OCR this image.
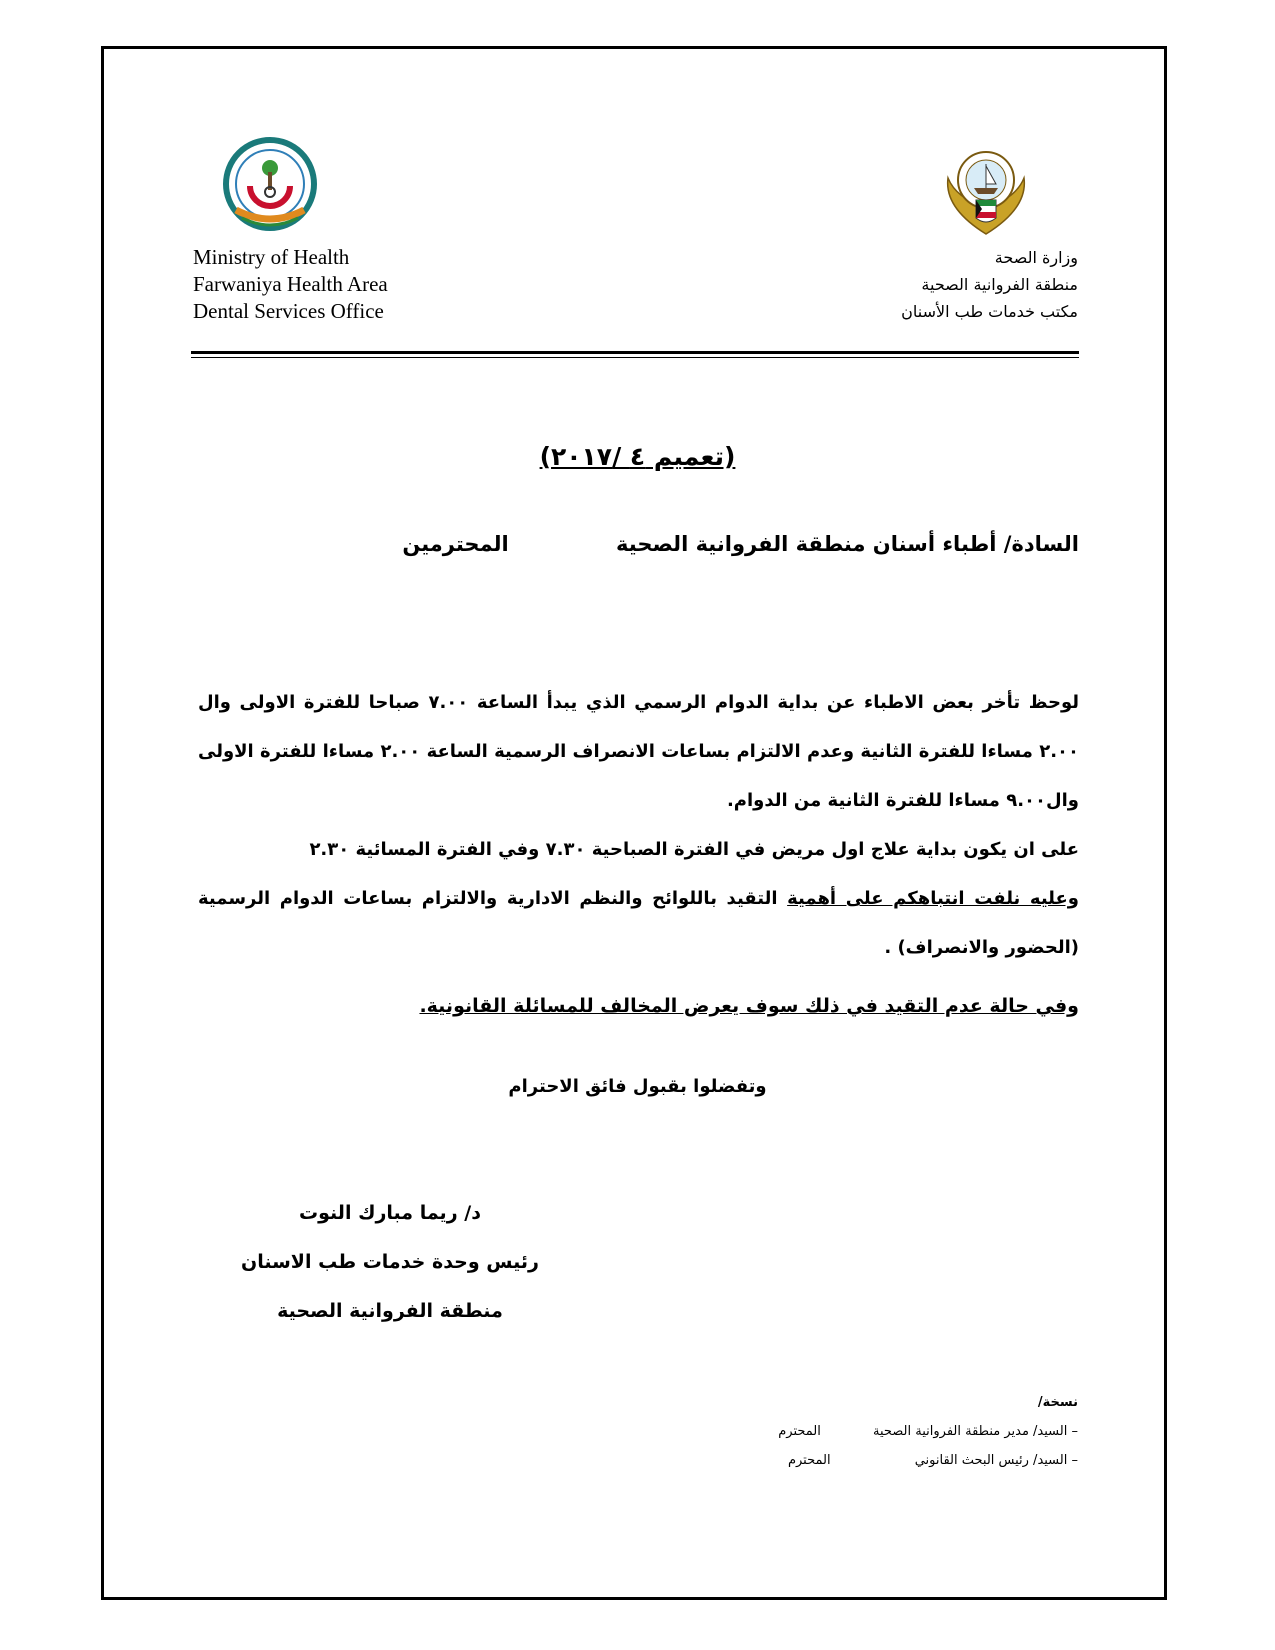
Ministry of Health
Farwaniya Health Area
Dental Services Office
وزارة الصحة
منطقة الفروانية الصحية
مكتب خدمات طب الأسنان
(تعميم ٤ /٢٠١٧)
السادة/ أطباء أسنان منطقة الفروانية الصحية المحترمين

لوحظ تأخر بعض الاطباء عن بداية الدوام الرسمي الذي يبدأ الساعة ٧.٠٠ صباحا للفترة الاولى وال ٢.٠٠ مساءا للفترة الثانية وعدم الالتزام بساعات الانصراف الرسمية الساعة ٢.٠٠ مساءا للفترة الاولى وال٩.٠٠ مساءا للفترة الثانية من الدوام.

على ان يكون بداية علاج اول مريض في الفترة الصباحية ٧.٣٠ وفي الفترة المسائية ٢.٣٠

وعليه نلفت انتباهكم على أهمية التقيد باللوائح والنظم الادارية والالتزام بساعات الدوام الرسمية (الحضور والانصراف) .

وفي حالة عدم التقيد في ذلك سوف يعرض المخالف للمسائلة القانونية.
وتفضلوا بقبول فائق الاحترام
د/ ريما مبارك النوت
رئيس وحدة خدمات طب الاسنان
منطقة الفروانية الصحية
نسخة/
– السيد/ مدير منطقة الفروانية الصحية المحترم
– السيد/ رئيس البحث القانوني المحترم
